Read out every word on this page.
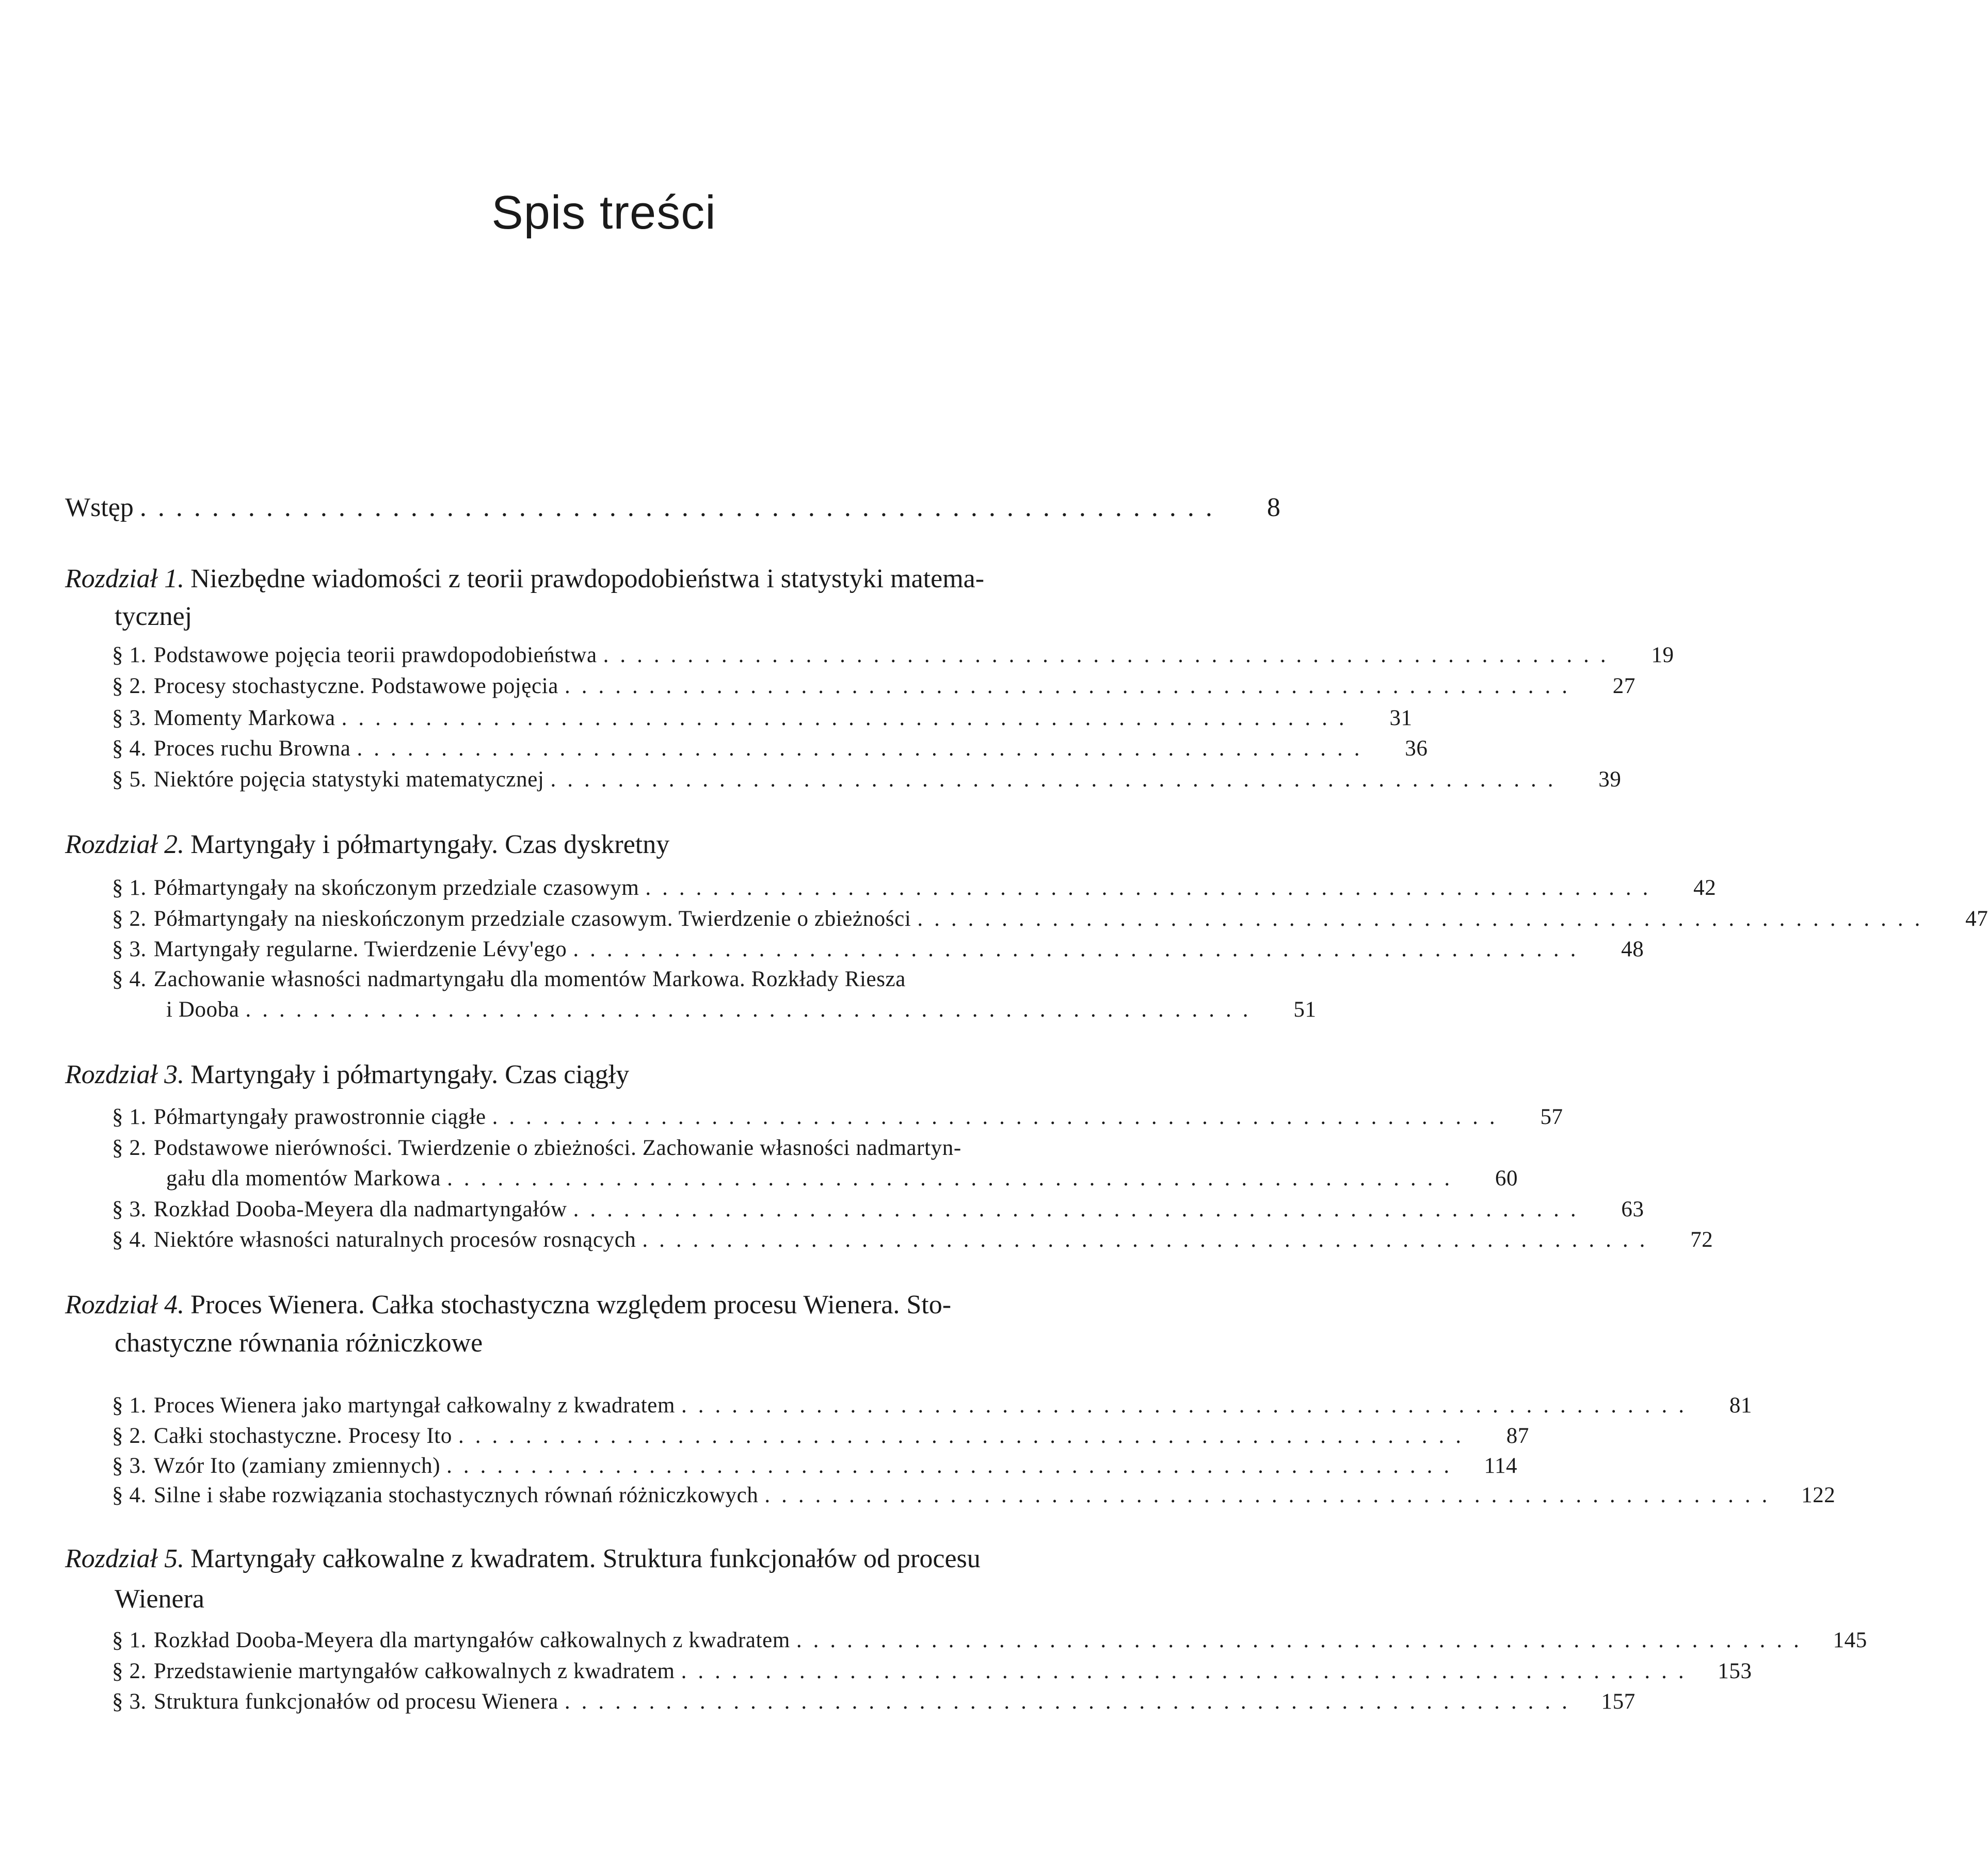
Spis treści
Wstęp ............................................................	8
Rozdział 1. Niezbędne wiadomości z teorii prawdopodobieństwa i statystyki matema-
tycznej
§ 1. Podstawowe pojęcia teorii prawdopodobieństwa ............................................................	19
§ 2. Procesy stochastyczne. Podstawowe pojęcia ............................................................	27
§ 3. Momenty Markowa ............................................................	31
§ 4. Proces ruchu Browna ............................................................	36
§ 5. Niektóre pojęcia statystyki matematycznej ............................................................	39
Rozdział 2. Martyngały i półmartyngały. Czas dyskretny
§ 1. Półmartyngały na skończonym przedziale czasowym ............................................................	42
§ 2. Półmartyngały na nieskończonym przedziale czasowym. Twierdzenie o zbieżności ............................................................	47
§ 3. Martyngały regularne. Twierdzenie Lévy'ego ............................................................	48
§ 4. Zachowanie własności nadmartyngału dla momentów Markowa. Rozkłady Riesza
i Dooba ............................................................	51
Rozdział 3. Martyngały i półmartyngały. Czas ciągły
§ 1. Półmartyngały prawostronnie ciągłe ............................................................	57
§ 2. Podstawowe nierówności. Twierdzenie o zbieżności. Zachowanie własności nadmartyn-
gału dla momentów Markowa ............................................................	60
§ 3. Rozkład Dooba-Meyera dla nadmartyngałów ............................................................	63
§ 4. Niektóre własności naturalnych procesów rosnących ............................................................	72
Rozdział 4. Proces Wienera. Całka stochastyczna względem procesu Wienera. Sto-
chastyczne równania różniczkowe
§ 1. Proces Wienera jako martyngał całkowalny z kwadratem ............................................................	81
§ 2. Całki stochastyczne. Procesy Ito ............................................................	87
§ 3. Wzór Ito (zamiany zmiennych) ............................................................	114
§ 4. Silne i słabe rozwiązania stochastycznych równań różniczkowych ............................................................	122
Rozdział 5. Martyngały całkowalne z kwadratem. Struktura funkcjonałów od procesu
Wienera
§ 1. Rozkład Dooba-Meyera dla martyngałów całkowalnych z kwadratem ............................................................	145
§ 2. Przedstawienie martyngałów całkowalnych z kwadratem ............................................................	153
§ 3. Struktura funkcjonałów od procesu Wienera ............................................................	157
